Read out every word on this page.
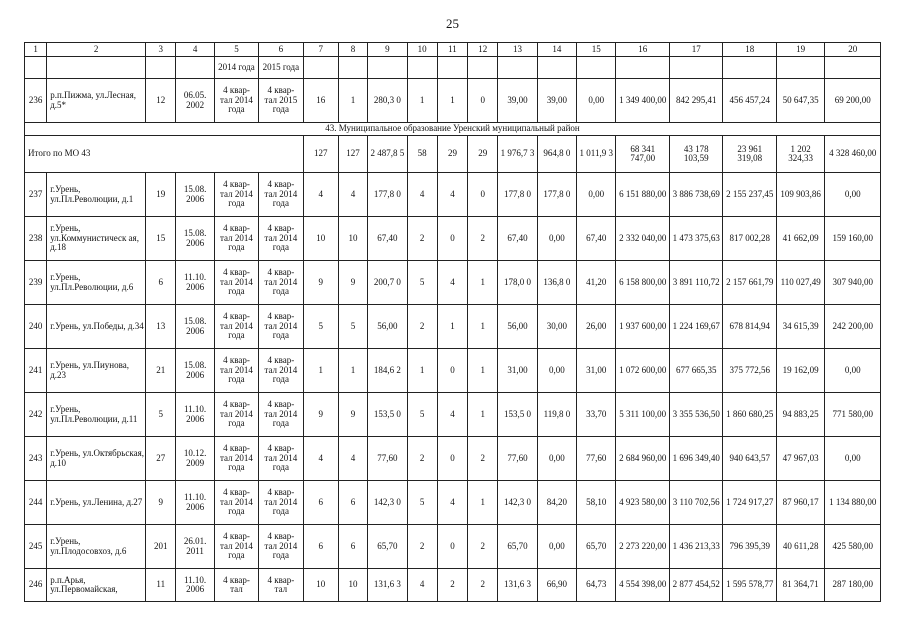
25
1	2	3	4	5	6	7	8	9	10	11	12	13	14	15	16	17	18	19	20
				2014 года	2015 года														
236	р.п.Пижма, ул.Лесная, д.5*	12	06.05. 2002	4 квар- тал 2014 года	4 квар- тал 2015 года	16	1	280,3 0	1	1	0	39,00	39,00	0,00	1 349 400,00	842 295,41	456 457,24	50 647,35	69 200,00
43. Муниципальное образование Уренский муниципальный район																			
Итого по МО 43						127	127	2 487,8 5	58	29	29	1 976,7 3	964,8 0	1 011,9 3	68 341 747,00	43 178 103,59	23 961 319,08	1 202 324,33	4 328 460,00
237	г.Урень, ул.Пл.Революции, д.1	19	15.08. 2006	4 квар- тал 2014 года	4 квар- тал 2014 года	4	4	177,8 0	4	4	0	177,8 0	177,8 0	0,00	6 151 880,00	3 886 738,69	2 155 237,45	109 903,86	0,00
238	г.Урень, ул.Коммунистическ ая, д.18	15	15.08. 2006	4 квар- тал 2014 года	4 квар- тал 2014 года	10	10	67,40	2	0	2	67,40	0,00	67,40	2 332 040,00	1 473 375,63	817 002,28	41 662,09	159 160,00
239	г.Урень, ул.Пл.Революции, д.6	6	11.10. 2006	4 квар- тал 2014 года	4 квар- тал 2014 года	9	9	200,7 0	5	4	1	178,0 0	136,8 0	41,20	6 158 800,00	3 891 110,72	2 157 661,79	110 027,49	307 940,00
240	г.Урень, ул.Победы, д.34	13	15.08. 2006	4 квар- тал 2014 года	4 квар- тал 2014 года	5	5	56,00	2	1	1	56,00	30,00	26,00	1 937 600,00	1 224 169,67	678 814,94	34 615,39	242 200,00
241	г.Урень, ул.Пиунова, д.23	21	15.08. 2006	4 квар- тал 2014 года	4 квар- тал 2014 года	1	1	184,6 2	1	0	1	31,00	0,00	31,00	1 072 600,00	677 665,35	375 772,56	19 162,09	0,00
242	г.Урень, ул.Пл.Революции, д.11	5	11.10. 2006	4 квар- тал 2014 года	4 квар- тал 2014 года	9	9	153,5 0	5	4	1	153,5 0	119,8 0	33,70	5 311 100,00	3 355 536,50	1 860 680,25	94 883,25	771 580,00
243	г.Урень, ул.Октябрьская, д.10	27	10.12. 2009	4 квар- тал 2014 года	4 квар- тал 2014 года	4	4	77,60	2	0	2	77,60	0,00	77,60	2 684 960,00	1 696 349,40	940 643,57	47 967,03	0,00
244	г.Урень, ул.Ленина, д.27	9	11.10. 2006	4 квар- тал 2014 года	4 квар- тал 2014 года	6	6	142,3 0	5	4	1	142,3 0	84,20	58,10	4 923 580,00	3 110 702,56	1 724 917,27	87 960,17	1 134 880,00
245	г.Урень, ул.Плодосовхоз, д.6	201	26.01. 2011	4 квар- тал 2014 года	4 квар- тал 2014 года	6	6	65,70	2	0	2	65,70	0,00	65,70	2 273 220,00	1 436 213,33	796 395,39	40 611,28	425 580,00
246	р.п.Арья, ул.Первомайская,	11	11.10. 2006	4 квар- тал	4 квар- тал	10	10	131,6 3	4	2	2	131,6 3	66,90	64,73	4 554 398,00	2 877 454,52	1 595 578,77	81 364,71	287 180,00
